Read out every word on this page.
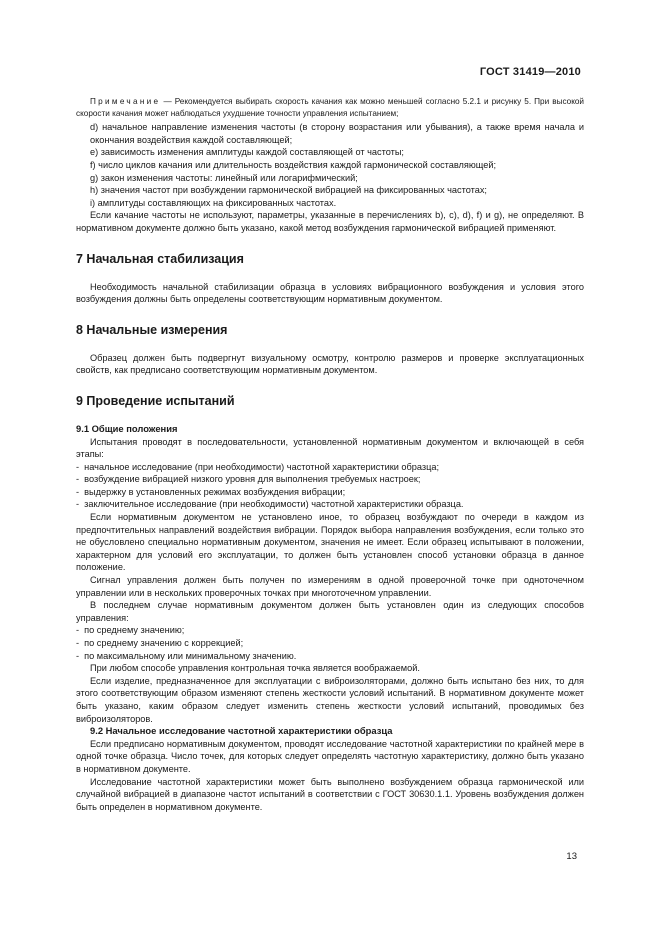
ГОСТ 31419—2010

Примечание — Рекомендуется выбирать скорость качания как можно меньшей согласно 5.2.1 и рисунку 5. При высокой скорости качания может наблюдаться ухудшение точности управления испытанием;

d) начальное направление изменения частоты (в сторону возрастания или убывания), а также время начала и окончания воздействия каждой составляющей;

e) зависимость изменения амплитуды каждой составляющей от частоты;

f) число циклов качания или длительность воздействия каждой гармонической составляющей;

g) закон изменения частоты: линейный или логарифмический;

h) значения частот при возбуждении гармонической вибрацией на фиксированных частотах;

i) амплитуды составляющих на фиксированных частотах.

Если качание частоты не используют, параметры, указанные в перечислениях b), c), d), f) и g), не определяют. В нормативном документе должно быть указано, какой метод возбуждения гармонической вибрацией применяют.

7 Начальная стабилизация

Необходимость начальной стабилизации образца в условиях вибрационного возбуждения и условия этого возбуждения должны быть определены соответствующим нормативным документом.

8 Начальные измерения

Образец должен быть подвергнут визуальному осмотру, контролю размеров и проверке эксплуатационных свойств, как предписано соответствующим нормативным документом.

9 Проведение испытаний
9.1 Общие положения

Испытания проводят в последовательности, установленной нормативным документом и включающей в себя этапы:

-  начальное исследование (при необходимости) частотной характеристики образца;

-  возбуждение вибрацией низкого уровня для выполнения требуемых настроек;

-  выдержку в установленных режимах возбуждения вибрации;

-  заключительное исследование (при необходимости) частотной характеристики образца.

Если нормативным документом не установлено иное, то образец возбуждают по очереди в каждом из предпочтительных направлений воздействия вибрации. Порядок выбора направления возбуждения, если только это не обусловлено специально нормативным документом, значения не имеет. Если образец испытывают в положении, характерном для условий его эксплуатации, то должен быть установлен способ установки образца в данное положение.

Сигнал управления должен быть получен по измерениям в одной проверочной точке при одноточечном управлении или в нескольких проверочных точках при многоточечном управлении.

В последнем случае нормативным документом должен быть установлен один из следующих способов управления:

-  по среднему значению;

-  по среднему значению с коррекцией;

-  по максимальному или минимальному значению.

При любом способе управления контрольная точка является воображаемой.

Если изделие, предназначенное для эксплуатации с виброизоляторами, должно быть испытано без них, то для этого соответствующим образом изменяют степень жесткости условий испытаний. В нормативном документе может быть указано, каким образом следует изменить степень жесткости условий испытаний, проводимых без виброизоляторов.

9.2 Начальное исследование частотной характеристики образца

Если предписано нормативным документом, проводят исследование частотной характеристики по крайней мере в одной точке образца. Число точек, для которых следует определять частотную характеристику, должно быть указано в нормативном документе.

Исследование частотной характеристики может быть выполнено возбуждением образца гармонической или случайной вибрацией в диапазоне частот испытаний в соответствии с ГОСТ 30630.1.1. Уровень возбуждения должен быть определен в нормативном документе.

13
